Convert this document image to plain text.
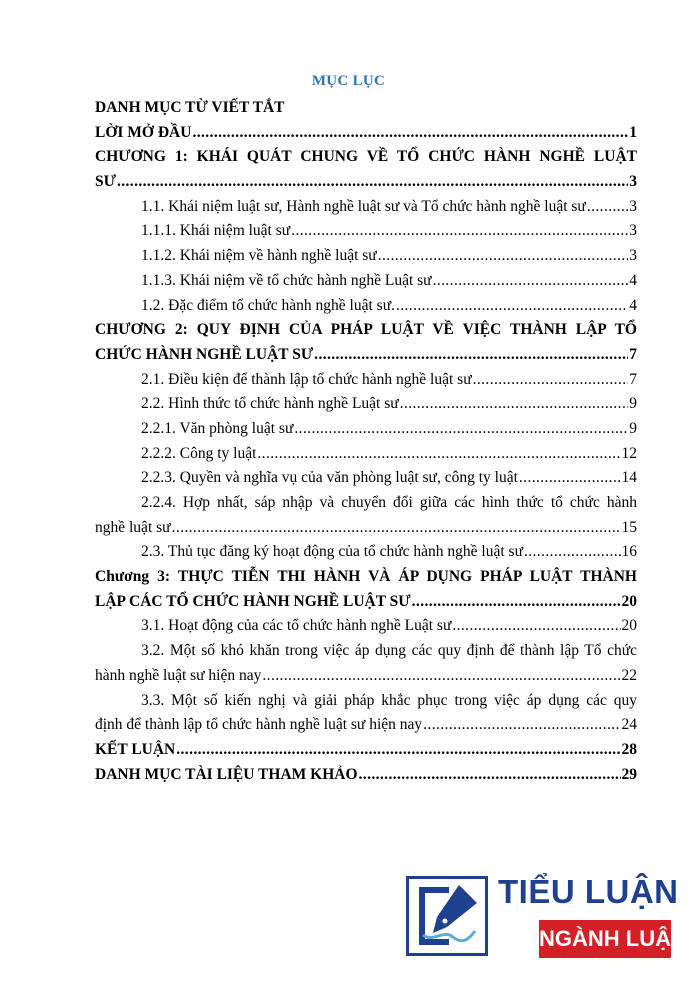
MỤC LỤC
DANH MỤC TỪ VIẾT TẮT
LỜI MỞ ĐẦU .....	1
CHƯƠNG 1: KHÁI QUÁT CHUNG VỀ TỔ CHỨC HÀNH NGHỀ LUẬT
SƯ .....	3
1.1. Khái niệm luật sư, Hành nghề luật sư và Tổ chức hành nghề luật sư .....	3
1.1.1. Khái niệm luật sư .....	3
1.1.2. Khái niệm về hành nghề luật sư .....	3
1.1.3. Khái niệm về tổ chức hành nghề Luật sư .....	4
1.2. Đặc điểm tổ chức hành nghề luật sư. .....	4
CHƯƠNG 2: QUY ĐỊNH CỦA PHÁP LUẬT VỀ VIỆC THÀNH LẬP TỔ
CHỨC HÀNH NGHỀ LUẬT SƯ .....	7
2.1. Điều kiện để thành lập tổ chức hành nghề luật sư .....	7
2.2. Hình thức tổ chức hành nghề Luật sư .....	9
2.2.1. Văn phòng luật sư .....	9
2.2.2. Công ty luật .....	12
2.2.3. Quyền và nghĩa vụ của văn phòng luật sư, công ty luật .....	14
2.2.4. Hợp nhất, sáp nhập và chuyển đổi giữa các hình thức tổ chức hành
nghề luật sư .....	15
2.3. Thủ tục đăng ký hoạt động của tổ chức hành nghề luật sư .....	16
Chương 3: THỰC TIỄN THI HÀNH VÀ ÁP DỤNG PHÁP LUẬT THÀNH
LẬP CÁC TỔ CHỨC HÀNH NGHỀ LUẬT SƯ .....	20
3.1. Hoạt động của các tổ chức hành nghề Luật sư .....	20
3.2. Một số khó khăn trong việc áp dụng các quy định để thành lập Tổ chức
hành nghề luật sư hiện nay .....	22
3.3. Một số kiến nghị và giải pháp khắc phục trong việc áp dụng các quy
định để thành lập tổ chức hành nghề luật sư hiện nay .....	24
KẾT LUẬN .....	28
DANH MỤC TÀI LIỆU THAM KHẢO .....	29
TIỂU LUẬN
NGÀNH LUẬT
